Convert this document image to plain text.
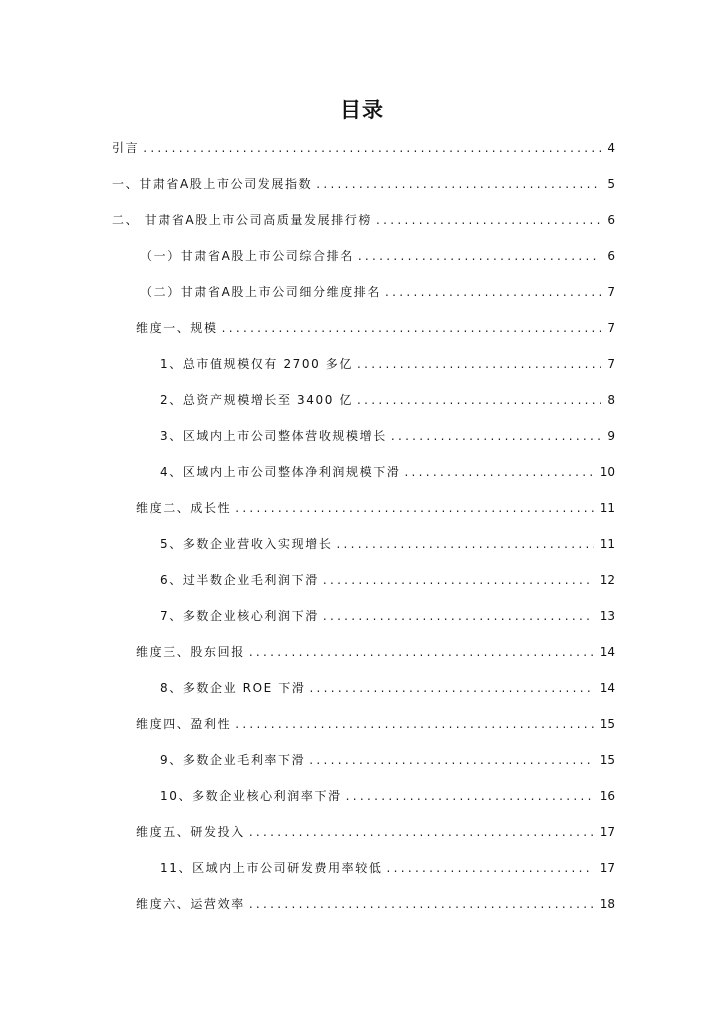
目录
引言 .....	4
一、甘肃省A股上市公司发展指数 .....	5
二、 甘肃省A股上市公司高质量发展排行榜 .....	6
（一）甘肃省A股上市公司综合排名 .....	6
（二）甘肃省A股上市公司细分维度排名 .....	7
维度一、规模 .....	7
1、总市值规模仅有 2700 多亿 .....	7
2、总资产规模增长至 3400 亿 .....	8
3、区域内上市公司整体营收规模增长 .....	9
4、区域内上市公司整体净利润规模下滑 .....	10
维度二、成长性 .....	11
5、多数企业营收入实现增长 .....	11
6、过半数企业毛利润下滑 .....	12
7、多数企业核心利润下滑 .....	13
维度三、股东回报 .....	14
8、多数企业 ROE 下滑 .....	14
维度四、盈利性 .....	15
9、多数企业毛利率下滑 .....	15
10、多数企业核心利润率下滑 .....	16
维度五、研发投入 .....	17
11、区域内上市公司研发费用率较低 .....	17
维度六、运营效率 .....	18
